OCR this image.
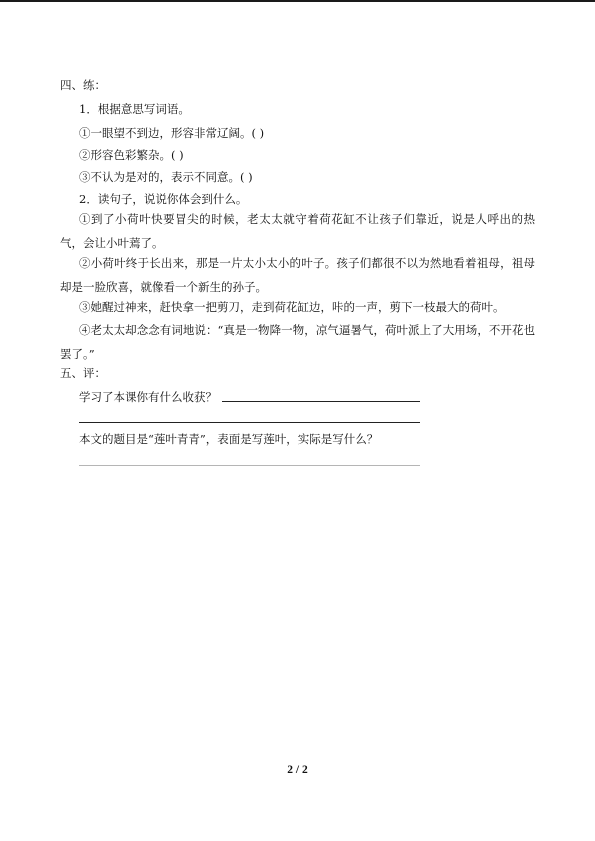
四、练：
1．根据意思写词语。
①一眼望不到边，形容非常辽阔。( )
②形容色彩繁杂。( )
③不认为是对的，表示不同意。( )
2．读句子，说说你体会到什么。
①到了小荷叶快要冒尖的时候，老太太就守着荷花缸不让孩子们靠近，说是人呼出的热气，会让小叶蔫了。
②小荷叶终于长出来，那是一片太小太小的叶子。孩子们都很不以为然地看着祖母，祖母却是一脸欣喜，就像看一个新生的孙子。
③她醒过神来，赶快拿一把剪刀，走到荷花缸边，咔的一声，剪下一枝最大的荷叶。
④老太太却念念有词地说：“真是一物降一物，凉气逼暑气，荷叶派上了大用场，不开花也罢了。”
五、评：
学习了本课你有什么收获？
本文的题目是“莲叶青青”，表面是写莲叶，实际是写什么？
2 / 2
